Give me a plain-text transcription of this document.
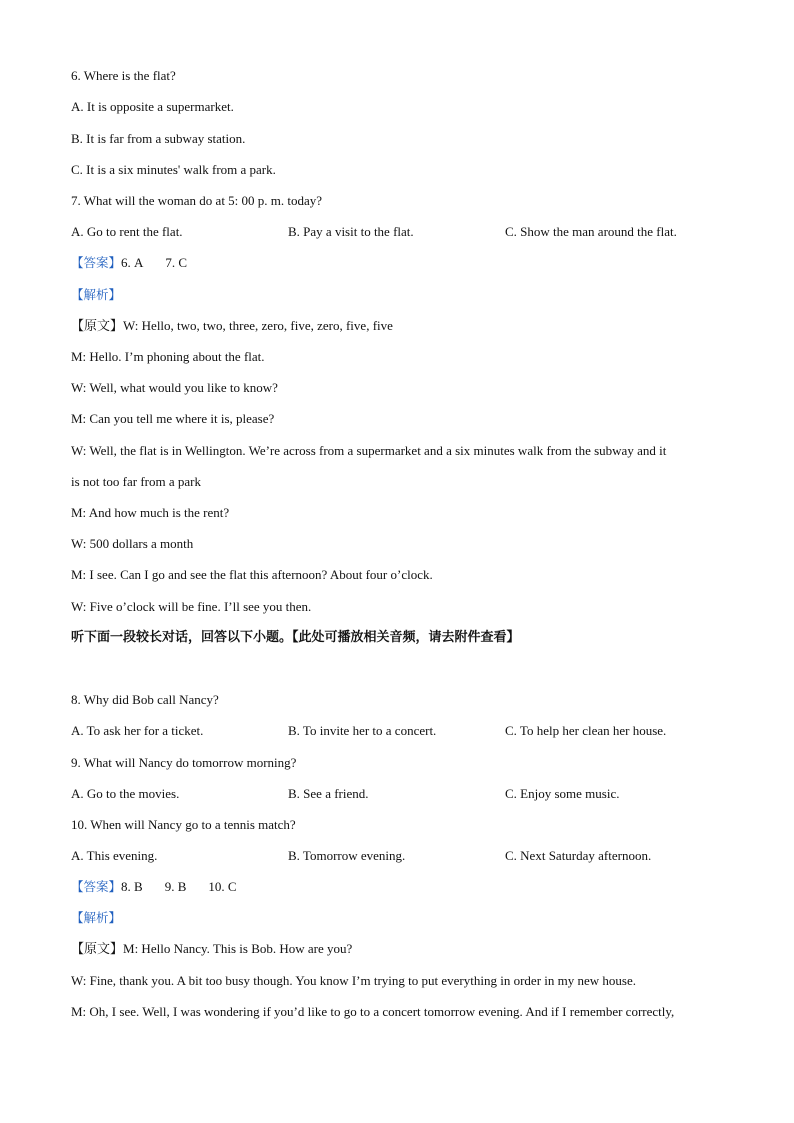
6. Where is the flat?
A. It is opposite a supermarket.
B. It is far from a subway station.
C. It is a six minutes' walk from a park.
7. What will the woman do at 5: 00 p. m. today?
A. Go to rent the flat.	B. Pay a visit to the flat.	C. Show the man around the flat.
【答案】6. A 7. C
【解析】
【原文】W: Hello, two, two, three, zero, five, zero, five, five
M: Hello. I’m phoning about the flat.
W: Well, what would you like to know?
M: Can you tell me where it is, please?
W: Well, the flat is in Wellington. We’re across from a supermarket and a six minutes walk from the subway and it
is not too far from a park
M: And how much is the rent?
W: 500 dollars a month
M: I see. Can I go and see the flat this afternoon? About four o’clock.
W: Five o’clock will be fine. I’ll see you then.
听下面一段较长对话，回答以下小题。【此处可播放相关音频，请去附件查看】
8. Why did Bob call Nancy?
A. To ask her for a ticket.	B. To invite her to a concert.	C. To help her clean her house.
9. What will Nancy do tomorrow morning?
A. Go to the movies.	B. See a friend.	C. Enjoy some music.
10. When will Nancy go to a tennis match?
A. This evening.	B. Tomorrow evening.	C. Next Saturday afternoon.
【答案】8. B 9. B 10. C
【解析】
【原文】M: Hello Nancy. This is Bob. How are you?
W: Fine, thank you. A bit too busy though. You know I’m trying to put everything in order in my new house.
M: Oh, I see. Well, I was wondering if you’d like to go to a concert tomorrow evening. And if I remember correctly,
